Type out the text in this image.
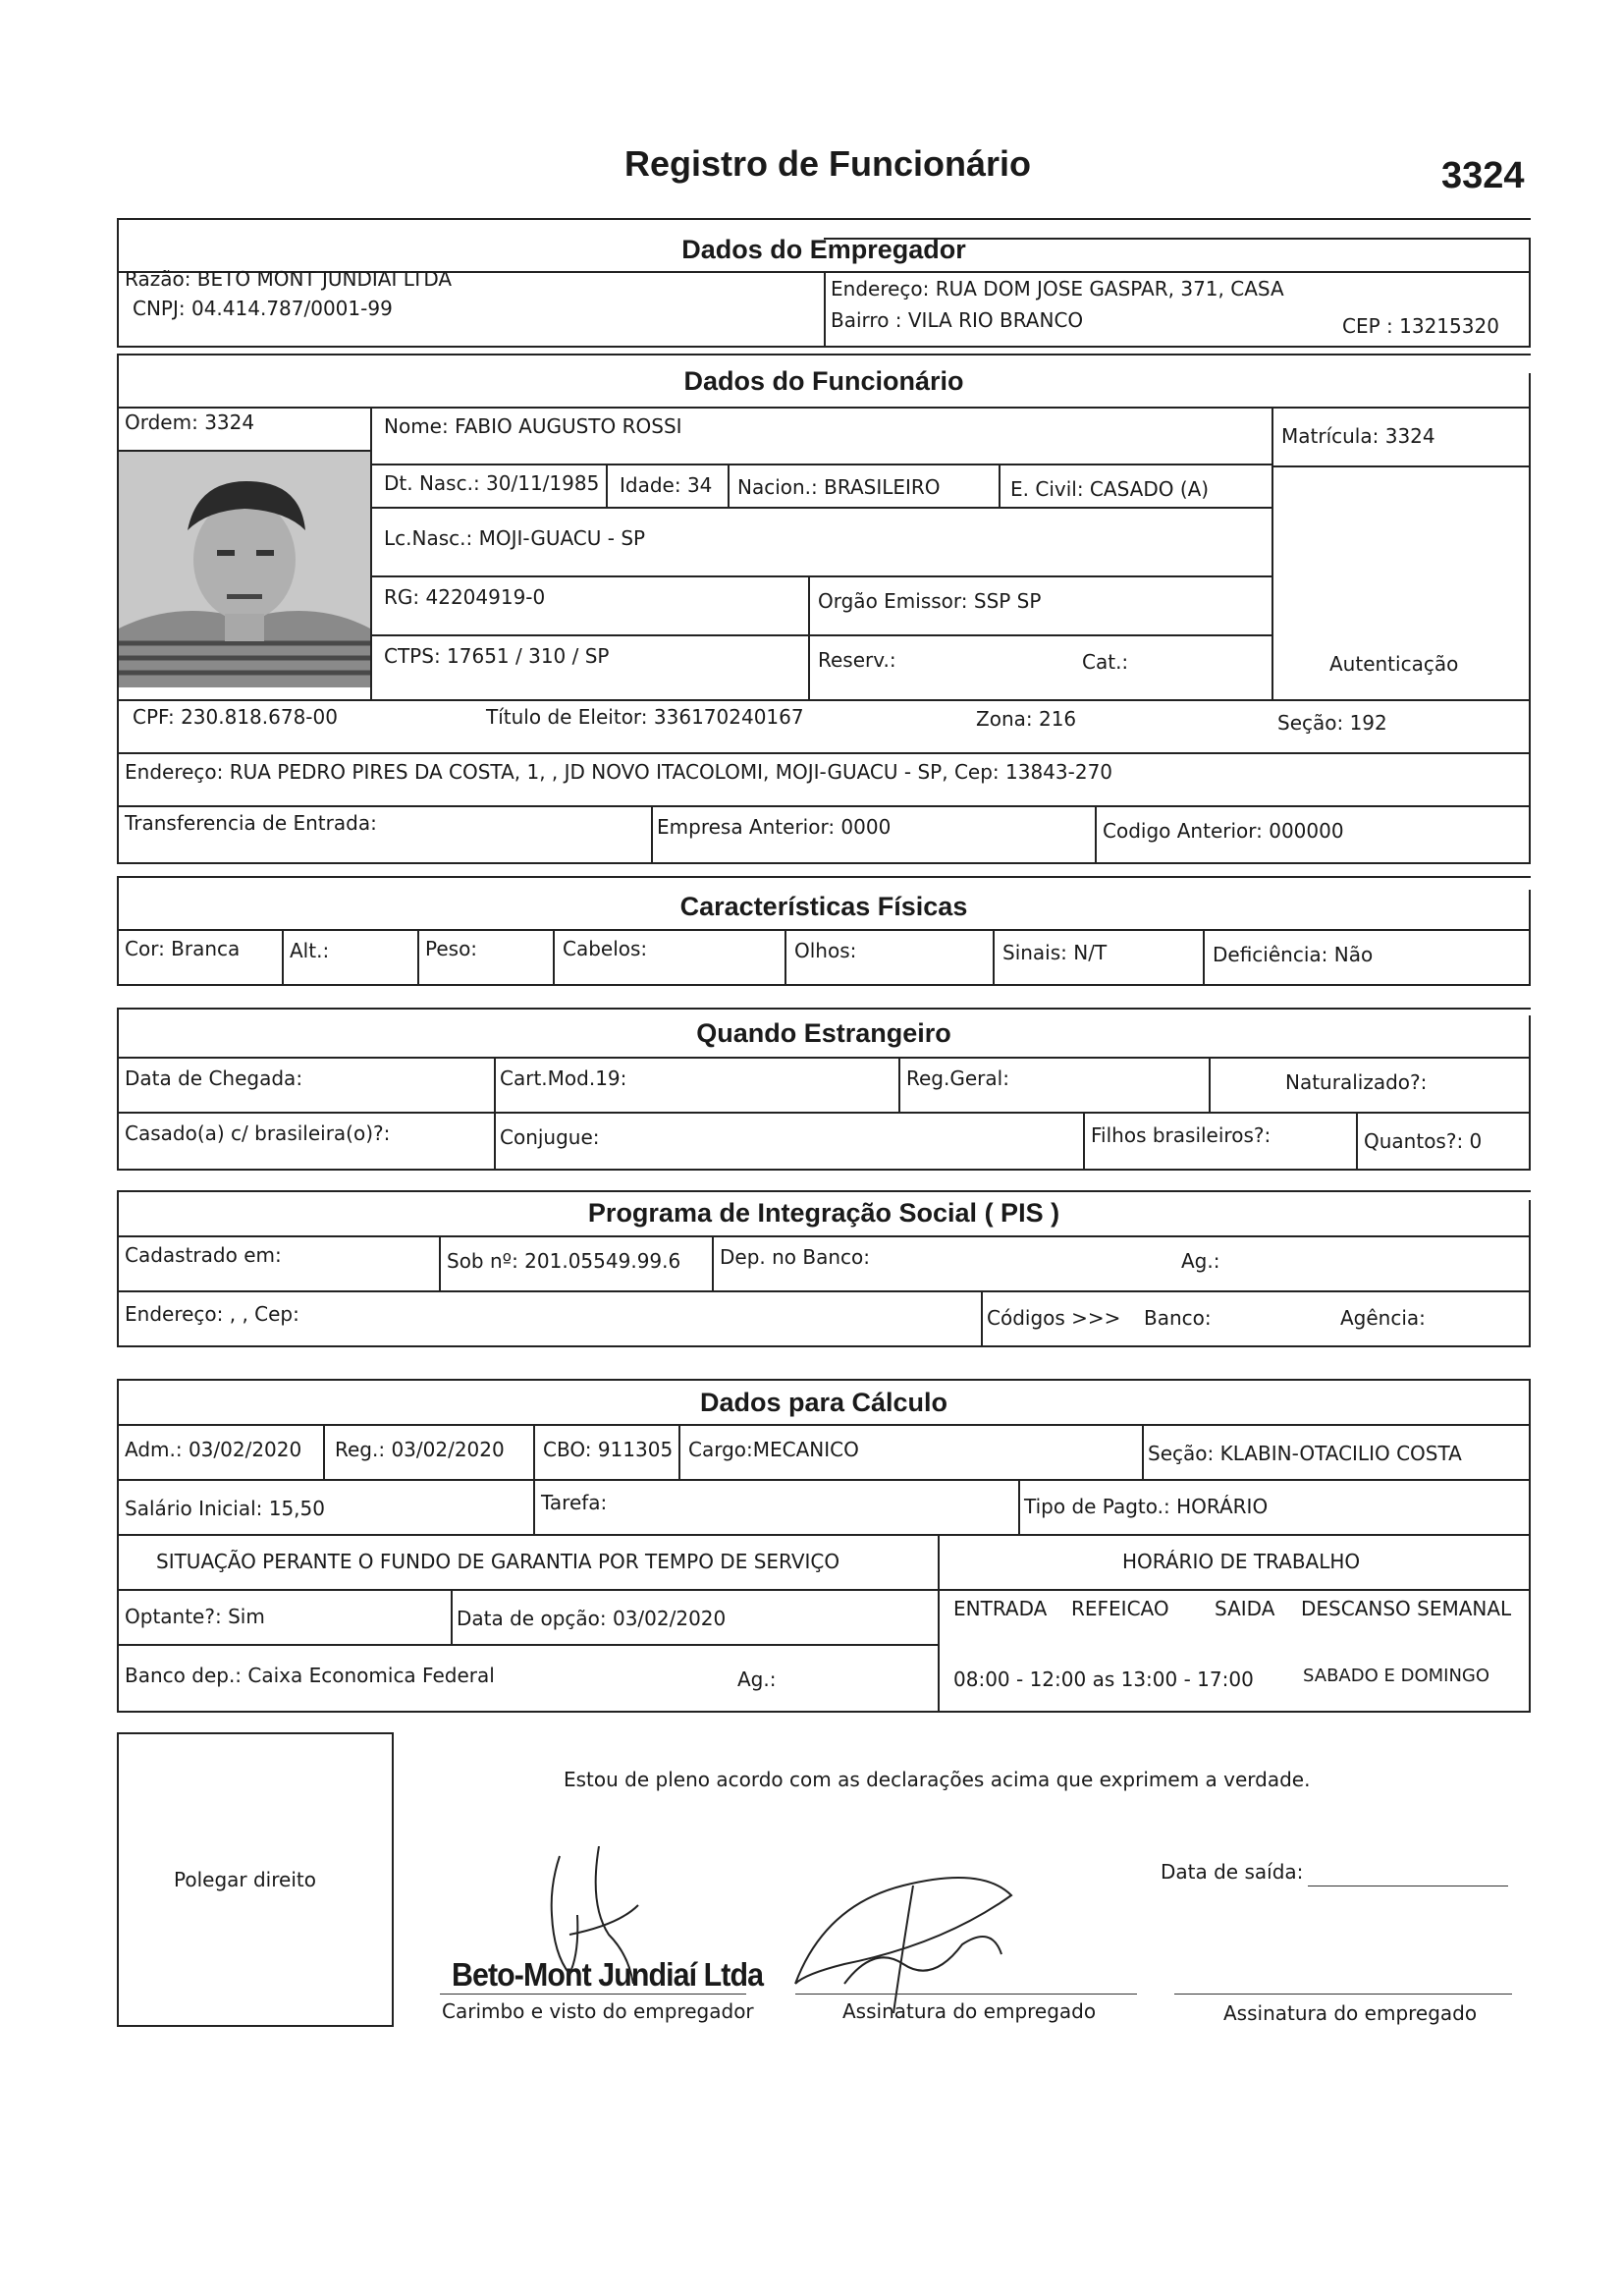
Registro de Funcionário	3324
Dados do Empregador
Razão: BETO MONT JUNDIAI LTDA
CNPJ: 04.414.787/0001-99
Endereço: RUA DOM JOSE GASPAR, 371, CASA
Bairro : VILA RIO BRANCO	CEP : 13215320
Dados do Funcionário
Ordem: 3324	Nome: FABIO AUGUSTO ROSSI	Matrícula: 3324
Dt. Nasc.: 30/11/1985 Idade: 34 Nacion.: BRASILEIRO	E. Civil: CASADO (A)
Lc.Nasc.: MOJI-GUACU - SP
RG: 42204919-0	Orgão Emissor: SSP SP
CTPS: 17651 / 310 / SP	Reserv.:	Cat.:	Autenticação
CPF: 230.818.678-00	Título de Eleitor: 336170240167	Zona: 216	Seção: 192
Endereço: RUA PEDRO PIRES DA COSTA, 1, , JD NOVO ITACOLOMI, MOJI-GUACU - SP, Cep: 13843-270
Transferencia de Entrada:	Empresa Anterior: 0000	Codigo Anterior: 000000
Características Físicas
Cor: Branca	Alt.:	Peso:	Cabelos:	Olhos:	Sinais: N/T	Deficiência: Não
Quando Estrangeiro
Data de Chegada:	Cart.Mod.19:	Reg.Geral:	Naturalizado?:
Casado(a) c/ brasileira(o)?:	Conjugue:	Filhos brasileiros?:	Quantos?: 0
Programa de Integração Social ( PIS )
Cadastrado em:	Sob nº: 201.05549.99.6 Dep. no Banco:	Ag.:
Endereço: , , Cep:	Códigos >>> Banco:	Agência:
Dados para Cálculo
Adm.: 03/02/2020 Reg.: 03/02/2020 CBO: 911305 Cargo:MECANICO	Seção: KLABIN-OTACILIO COSTA
Salário Inicial: 15,50	Tarefa:	Tipo de Pagto.: HORÁRIO
SITUAÇÃO PERANTE O FUNDO DE GARANTIA POR TEMPO DE SERVIÇO	HORÁRIO DE TRABALHO
Optante?: Sim	Data de opção: 03/02/2020	ENTRADA REFEICAO SAIDA DESCANSO SEMANAL
Banco dep.: Caixa Economica Federal	Ag.:	08:00 - 12:00 as 13:00 - 17:00	SABADO E DOMINGO
Polegar direito
Estou de pleno acordo com as declarações acima que exprimem a verdade.
Data de saída:
Beto-Mont Jundiaí Ltda
Carimbo e visto do empregador	Assinatura do empregado	Assinatura do empregado
